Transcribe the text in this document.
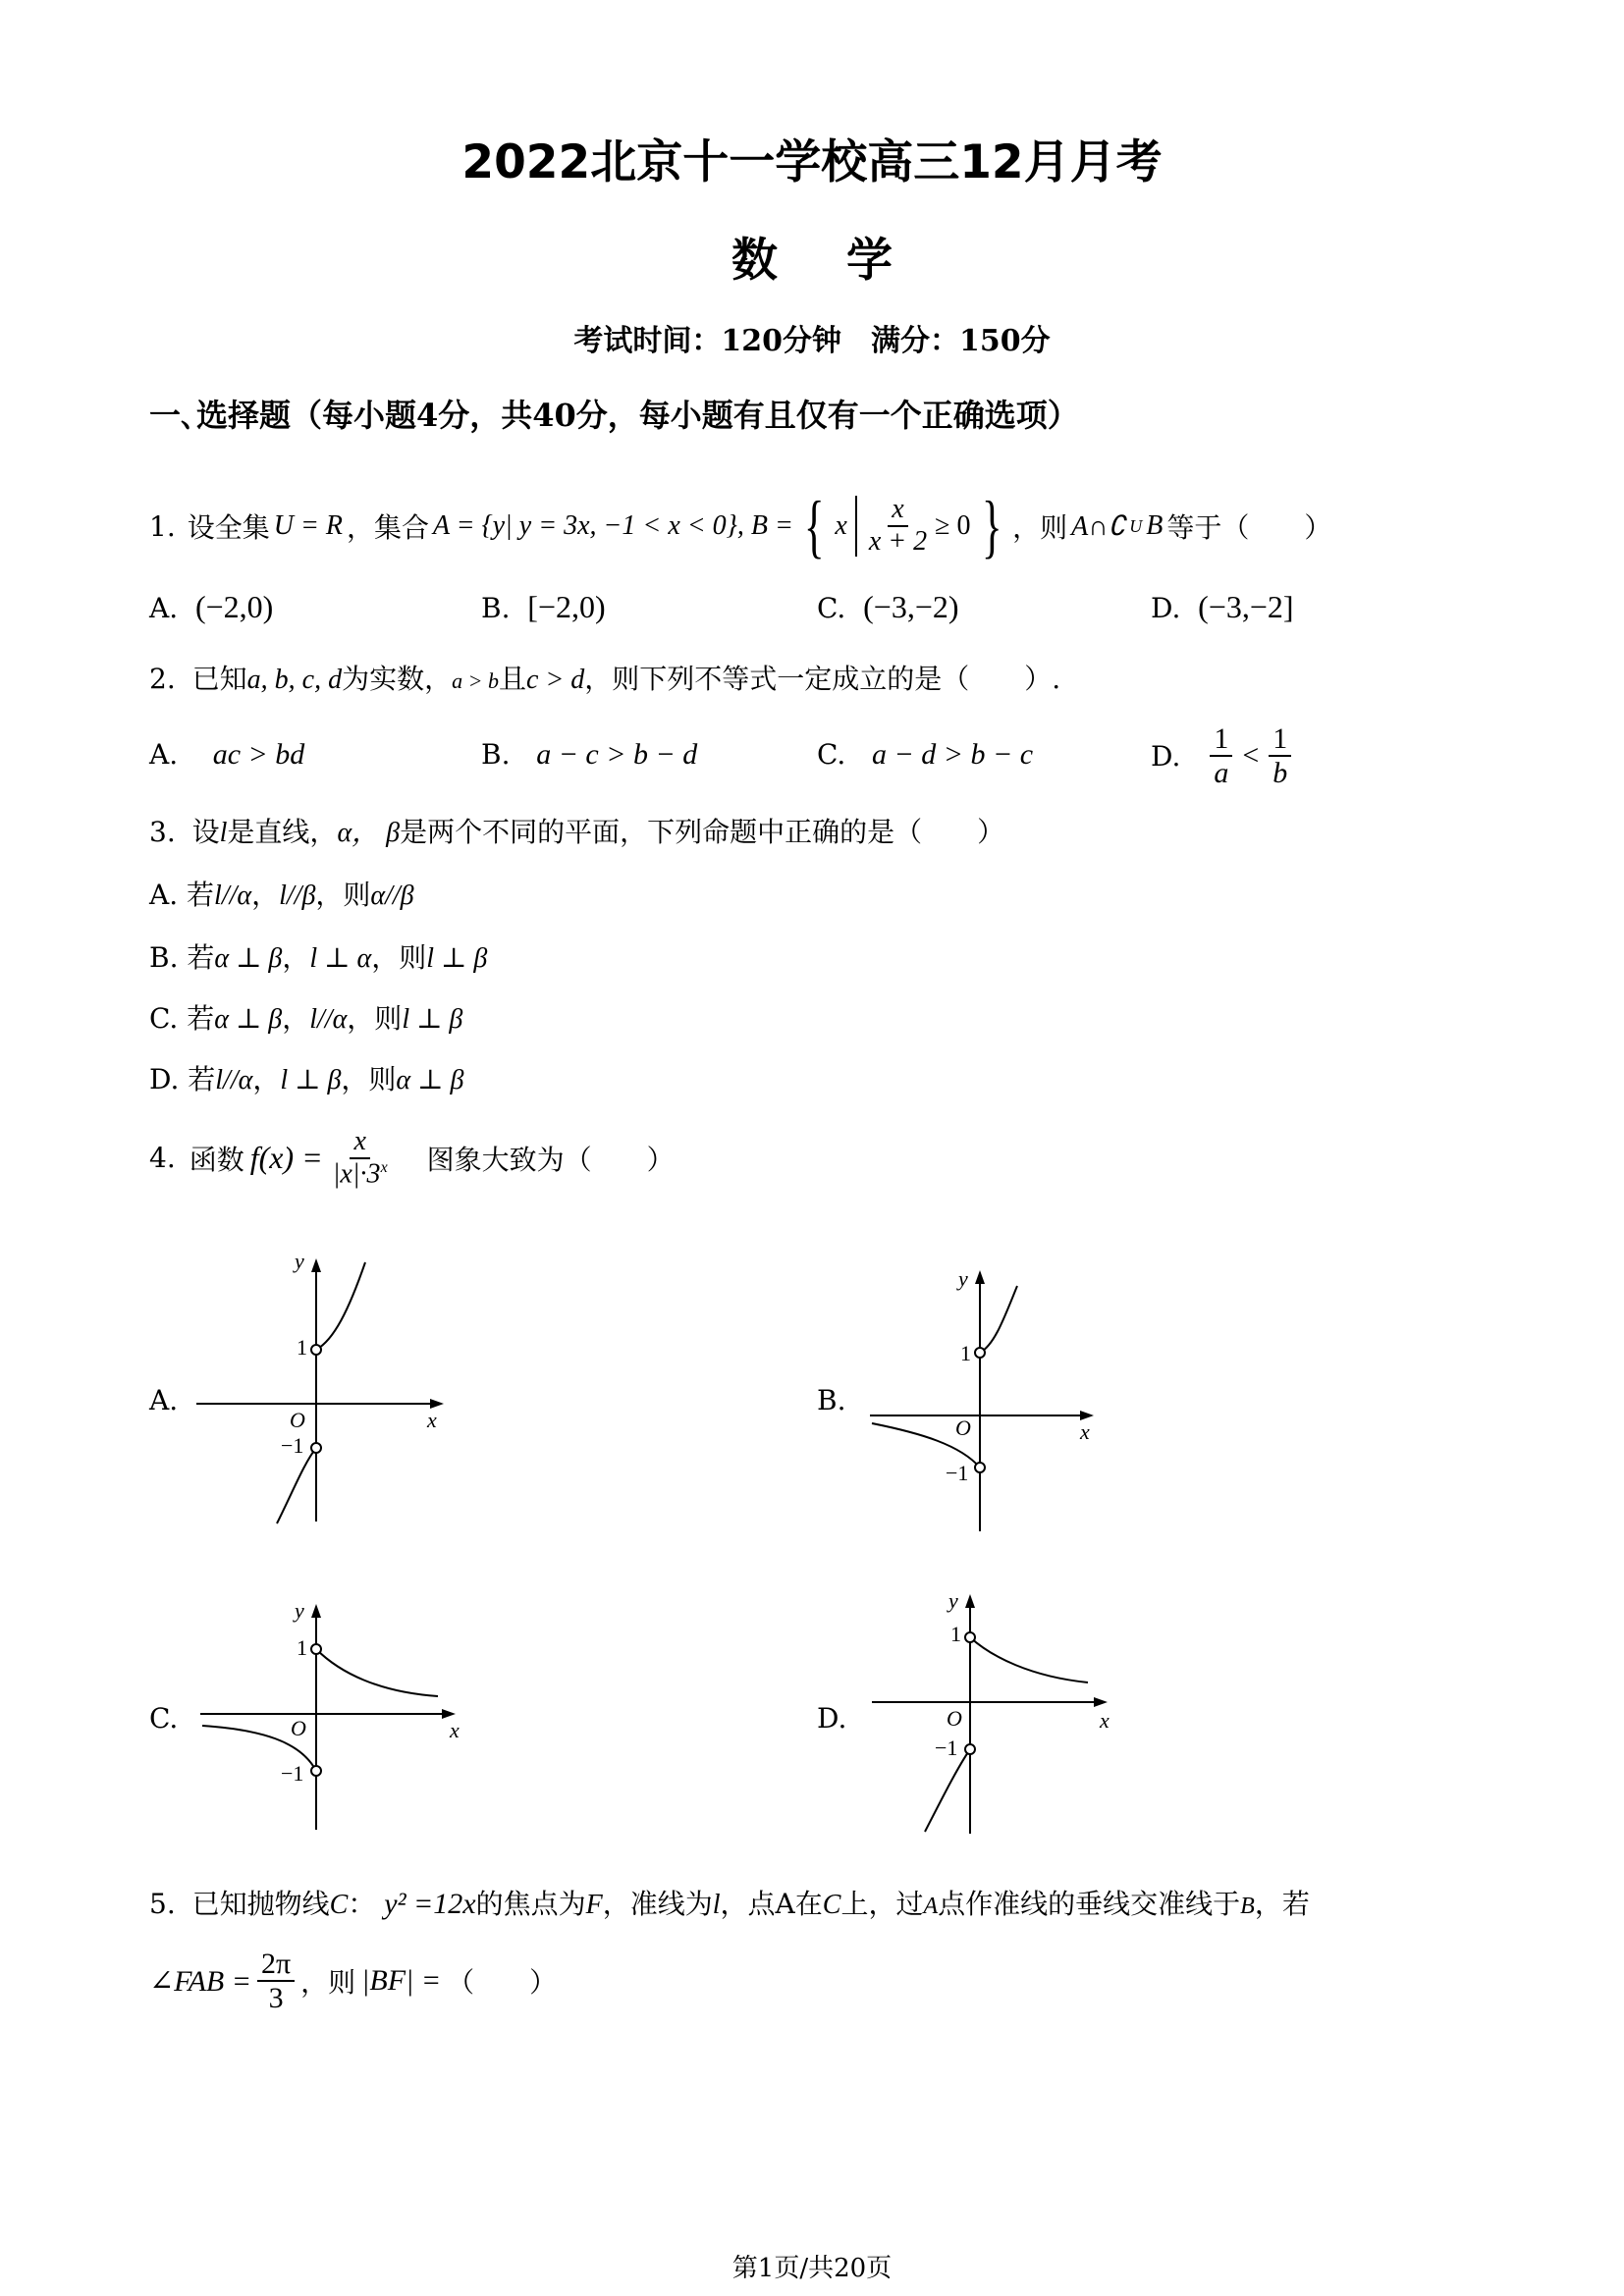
2022北京十一学校高三12月月考
数学
考试时间：120分钟　满分：150分
一､选择题（每小题4分，共40分，每小题有且仅有一个正确选项）
1. 设全集 U = R ，集合 A = {y| y = 3x, −1 < x < 0}, B = { x $\frac{x}{x + 2} \ge 0$ } ，则 A∩∁ U B 等于（　　）
A. (−2,0)	B. [−2,0)	C. (−3,−2)	D. (−3,−2]
2. 已知a, b, c, d为实数，a > b且c > d，则下列不等式一定成立的是（　　）.
A. ac > bd	B. a − c > b − d	C. a − d > b − c	D. $\frac{1}{a} < \frac{1}{b}$
3. 设l是直线，α， β是两个不同的平面，下列命题中正确的是（　　）
A. 若l//α，l//β，则α//β
B. 若α ⊥ β，l ⊥ α，则l ⊥ β
C. 若α ⊥ β，l//α，则l ⊥ β
D. 若l//α，l ⊥ β，则α ⊥ β
4. 函数 $f(x) = \frac{x}{|x|\cdot 3^x}$ 图象大致为（　　）
A.
y
x
O
1
−1
B.
y
x
O
1
−1
C.
y
x
O
1
−1
D.
y
x
O
1
−1
5. 已知抛物线C： y² =12x的焦点为F，准线为l，点A在C上，过A点作准线的垂线交准线于B，若
∠FAB = $\frac{2\pi}{3}$ ，则 |BF| = （　　）
第1页/共20页
